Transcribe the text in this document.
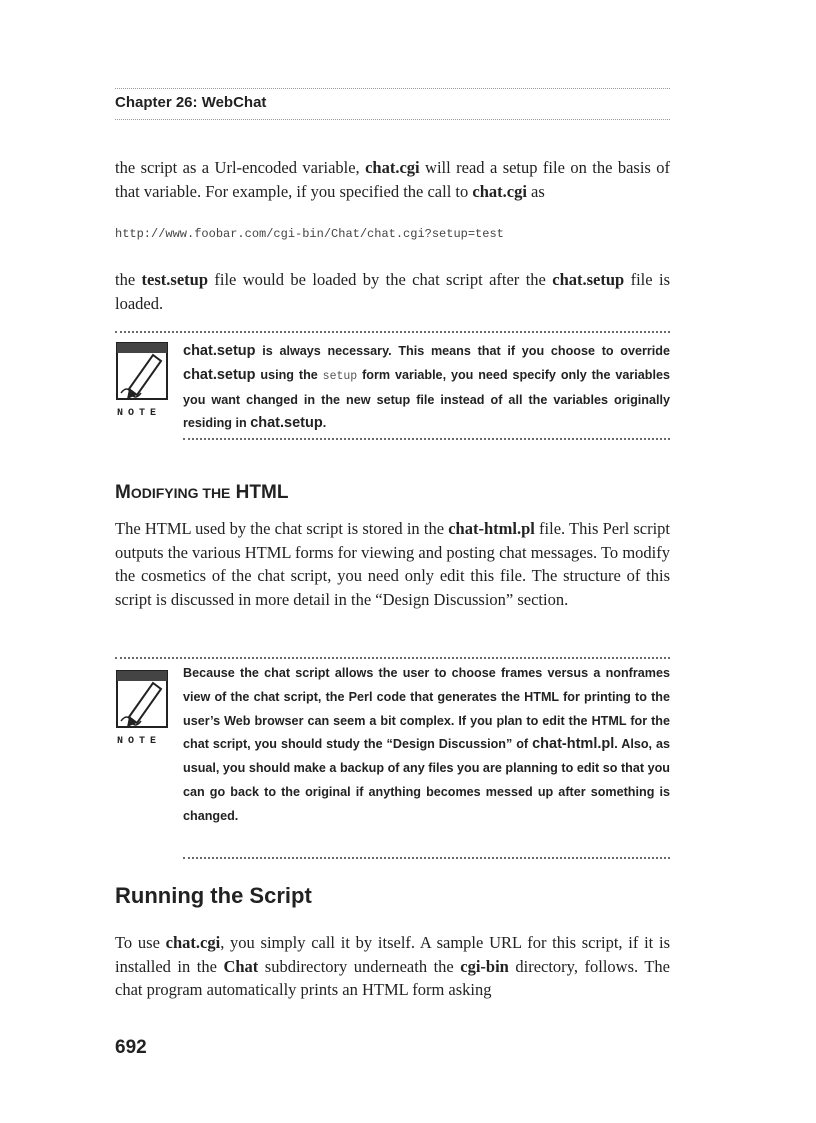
Chapter 26: WebChat

the script as a Url-encoded variable, chat.cgi will read a setup file on the basis of that variable. For example, if you specified the call to chat.cgi as

http://www.foobar.com/cgi-bin/Chat/chat.cgi?setup=test

the test.setup file would be loaded by the chat script after the chat.setup file is loaded.

NOTE
chat.setup is always necessary. This means that if you choose to override chat.setup using the setup form variable, you need specify only the variables you want changed in the new setup file instead of all the variables originally residing in chat.setup.
MODIFYING THE HTML

The HTML used by the chat script is stored in the chat-html.pl file. This Perl script outputs the various HTML forms for viewing and posting chat messages. To modify the cosmetics of the chat script, you need only edit this file. The structure of this script is discussed in more detail in the “Design Discussion” section.

NOTE
Because the chat script allows the user to choose frames versus a nonframes view of the chat script, the Perl code that generates the HTML for printing to the user’s Web browser can seem a bit complex. If you plan to edit the HTML for the chat script, you should study the “Design Discussion” of chat-html.pl. Also, as usual, you should make a backup of any files you are planning to edit so that you can go back to the original if anything becomes messed up after something is changed.
Running the Script

To use chat.cgi, you simply call it by itself. A sample URL for this script, if it is installed in the Chat subdirectory underneath the cgi-bin directory, follows. The chat program automatically prints an HTML form asking

692
